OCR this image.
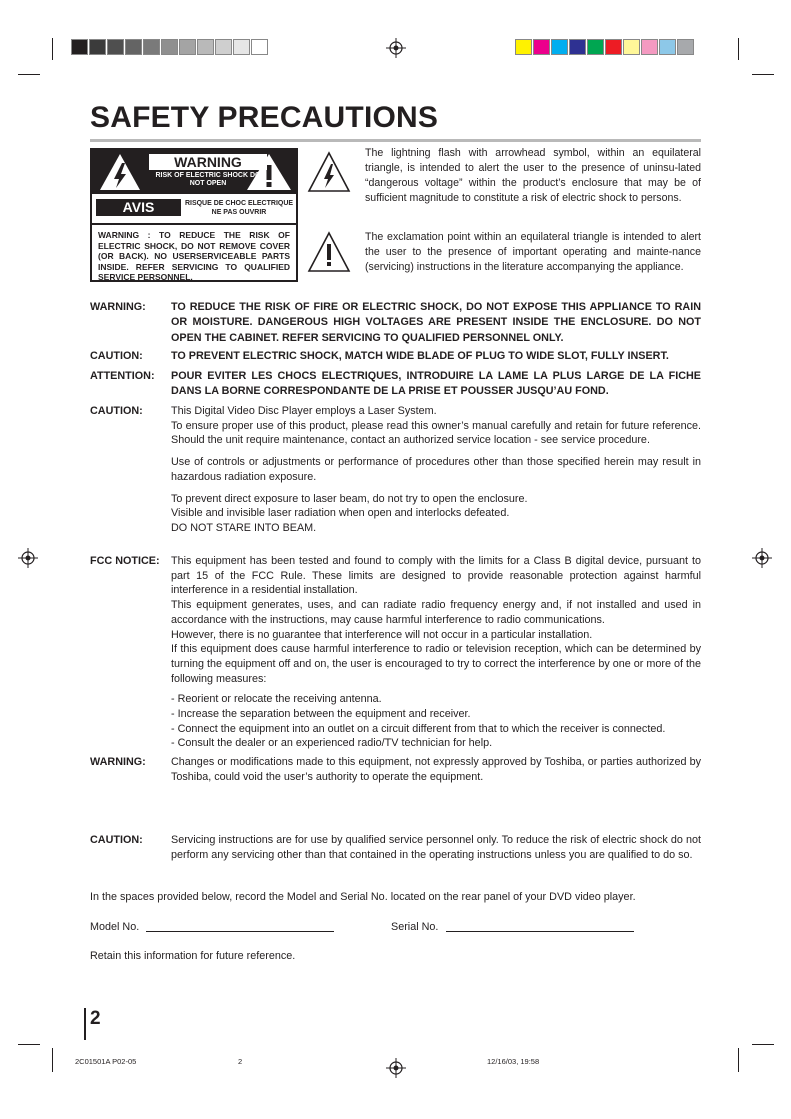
SAFETY PRECAUTIONS
WARNING
RISK OF ELECTRIC SHOCK DO NOT OPEN
AVIS	RISQUE DE CHOC ELECTRIQUE NE PAS OUVRIR
WARNING : TO REDUCE THE RISK OF ELECTRIC SHOCK, DO NOT REMOVE COVER (OR BACK). NO USERSERVICEABLE PARTS INSIDE. REFER SERVICING TO QUALIFIED SERVICE PERSONNEL.
The lightning flash with arrowhead symbol, within an equilateral triangle, is intended to alert the user to the presence of uninsu-lated “dangerous voltage” within the product’s enclosure that may be of sufficient magnitude to constitute a risk of electric shock to persons.
The exclamation point within an equilateral triangle is intended to alert the user to the presence of important operating and mainte-nance (servicing) instructions in the literature accompanying the appliance.
WARNING: TO REDUCE THE RISK OF FIRE OR ELECTRIC SHOCK, DO NOT EXPOSE THIS APPLIANCE TO RAIN OR MOISTURE. DANGEROUS HIGH VOLTAGES ARE PRESENT INSIDE THE ENCLOSURE. DO NOT OPEN THE CABINET. REFER SERVICING TO QUALIFIED PERSONNEL ONLY.
CAUTION:	TO PREVENT ELECTRIC SHOCK, MATCH WIDE BLADE OF PLUG TO WIDE SLOT, FULLY INSERT.
ATTENTION: POUR EVITER LES CHOCS ELECTRIQUES, INTRODUIRE LA LAME LA PLUS LARGE DE LA FICHE DANS LA BORNE CORRESPONDANTE DE LA PRISE ET POUSSER JUSQU’AU FOND.
CAUTION:	This Digital Video Disc Player employs a Laser System.
To ensure proper use of this product, please read this owner’s manual carefully and retain for future reference. Should the unit require maintenance, contact an authorized service location - see service procedure.
Use of controls or adjustments or performance of procedures other than those specified herein may result in hazardous radiation exposure.
To prevent direct exposure to laser beam, do not try to open the enclosure.
Visible and invisible laser radiation when open and interlocks defeated.
DO NOT STARE INTO BEAM.
FCC NOTICE: This equipment has been tested and found to comply with the limits for a Class B digital device, pursuant to part 15 of the FCC Rule. These limits are designed to provide reasonable protection against harmful interference in a residential installation.
This equipment generates, uses, and can radiate radio frequency energy and, if not installed and used in accordance with the instructions, may cause harmful interference to radio communications.
However, there is no guarantee that interference will not occur in a particular installation.
If this equipment does cause harmful interference to radio or television reception, which can be determined by turning the equipment off and on, the user is encouraged to try to correct the interference by one or more of the following measures:
- Reorient or relocate the receiving antenna.
- Increase the separation between the equipment and receiver.
- Connect the equipment into an outlet on a circuit different from that to which the receiver is connected.
- Consult the dealer or an experienced radio/TV technician for help.
WARNING: Changes or modifications made to this equipment, not expressly approved by Toshiba, or parties authorized by Toshiba, could void the user’s authority to operate the equipment.
CAUTION:	Servicing instructions are for use by qualified service personnel only. To reduce the risk of electric shock do not perform any servicing other than that contained in the operating instructions unless you are qualified to do so.
In the spaces provided below, record the Model and Serial No. located on the rear panel of your DVD video player.
Model No.	Serial No.
Retain this information for future reference.
2
2C01501A P02-05	2	12/16/03, 19:58
